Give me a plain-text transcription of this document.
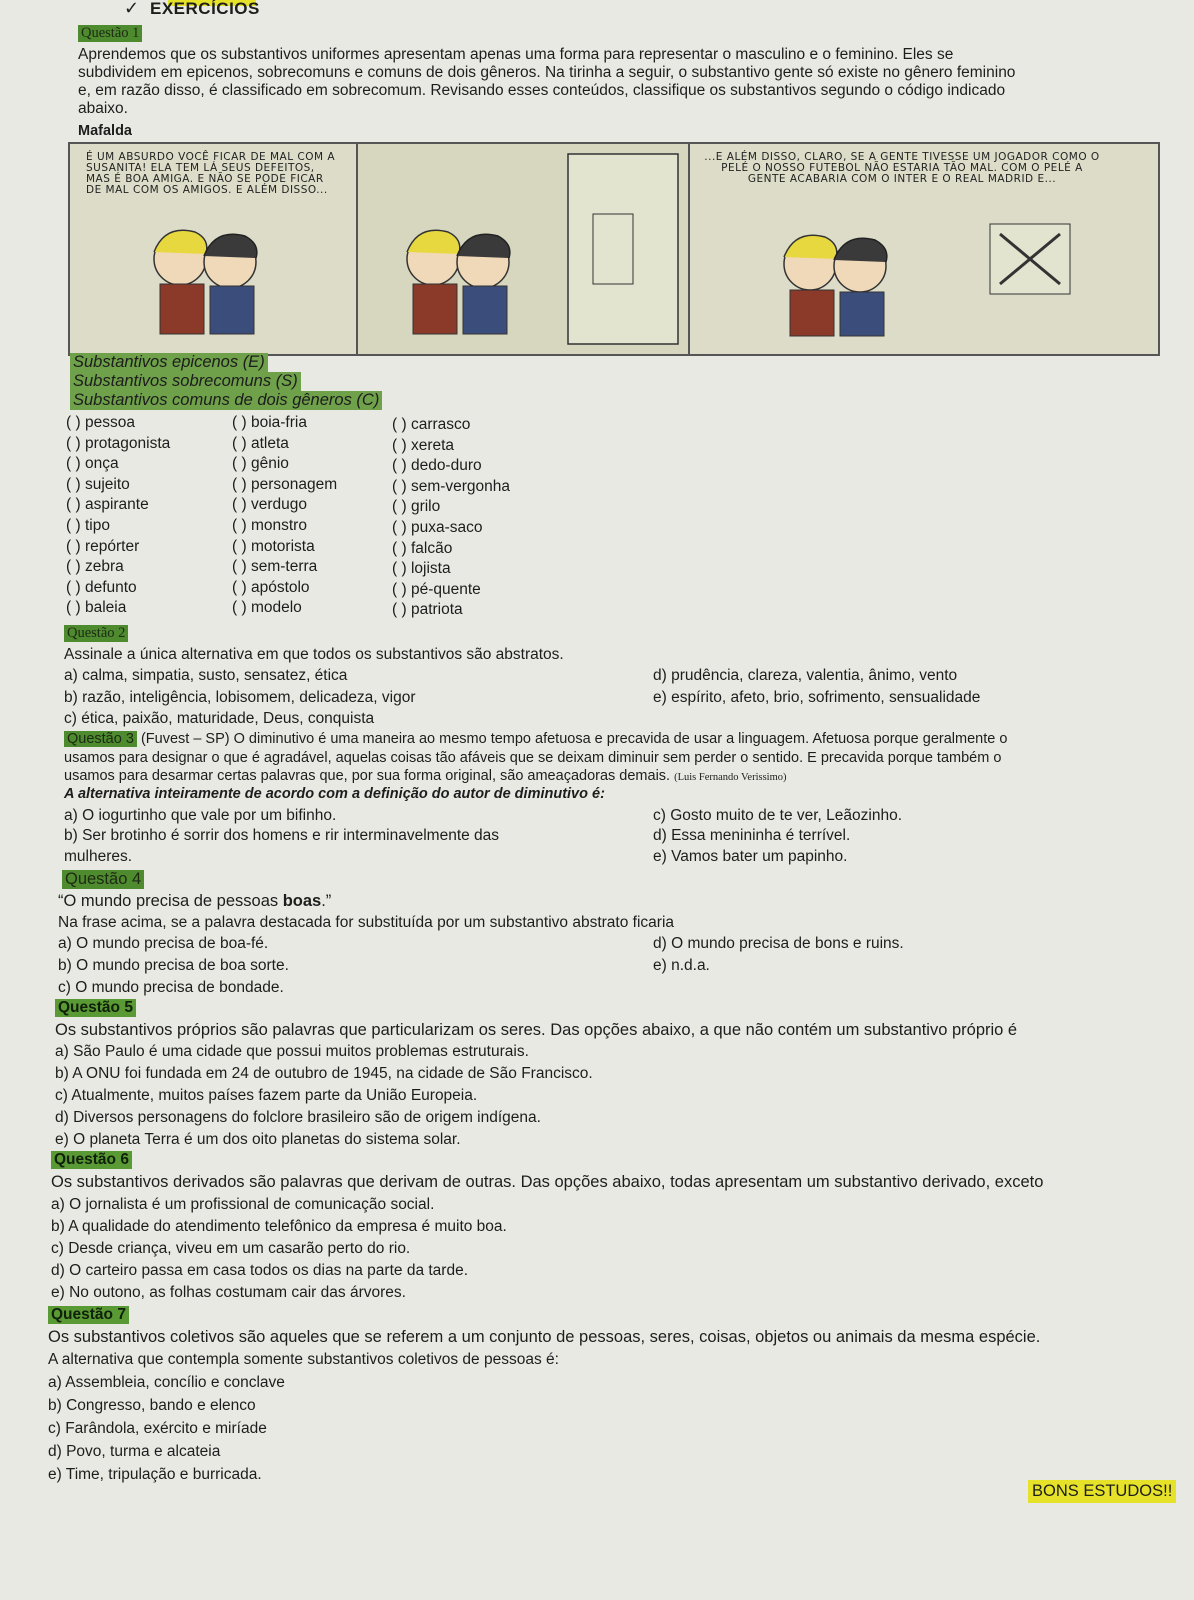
✓ EXERCÍCIOS
Questão 1
Aprendemos que os substantivos uniformes apresentam apenas uma forma para representar o masculino e o feminino. Eles se
subdividem em epicenos, sobrecomuns e comuns de dois gêneros. Na tirinha a seguir, o substantivo gente só existe no gênero feminino
e, em razão disso, é classificado em sobrecomum. Revisando esses conteúdos, classifique os substantivos segundo o código indicado
abaixo.
Mafalda
É UM ABSURDO VOCÊ FICAR DE MAL COM A SUSANITA! ELA TEM LÁ SEUS DEFEITOS, MAS É BOA AMIGA. E NÃO SE PODE FICAR DE MAL COM OS AMIGOS. E ALÉM DISSO...
...E ALÉM DISSO, CLARO, SE A GENTE TIVESSE UM JOGADOR COMO O PELÉ O NOSSO FUTEBOL NÃO ESTARIA TÃO MAL. COM O PELÉ A GENTE ACABARIA COM O INTER E O REAL MADRID E...
Substantivos epicenos (E)
Substantivos sobrecomuns (S)
Substantivos comuns de dois gêneros (C)
( ) pessoa
( ) protagonista
( ) onça
( ) sujeito
( ) aspirante
( ) tipo
( ) repórter
( ) zebra
( ) defunto
( ) baleia
( ) boia-fria
( ) atleta
( ) gênio
( ) personagem
( ) verdugo
( ) monstro
( ) motorista
( ) sem-terra
( ) apóstolo
( ) modelo
( ) carrasco
( ) xereta
( ) dedo-duro
( ) sem-vergonha
( ) grilo
( ) puxa-saco
( ) falcão
( ) lojista
( ) pé-quente
( ) patriota
Questão 2
Assinale a única alternativa em que todos os substantivos são abstratos.
a) calma, simpatia, susto, sensatez, ética
b) razão, inteligência, lobisomem, delicadeza, vigor
c) ética, paixão, maturidade, Deus, conquista
d) prudência, clareza, valentia, ânimo, vento
e) espírito, afeto, brio, sofrimento, sensualidade
Questão 3 (Fuvest – SP) O diminutivo é uma maneira ao mesmo tempo afetuosa e precavida de usar a linguagem. Afetuosa porque geralmente o
usamos para designar o que é agradável, aquelas coisas tão afáveis que se deixam diminuir sem perder o sentido. E precavida porque também o
usamos para desarmar certas palavras que, por sua forma original, são ameaçadoras demais. (Luis Fernando Verissimo)
A alternativa inteiramente de acordo com a definição do autor de diminutivo é:
a) O iogurtinho que vale por um bifinho.
b) Ser brotinho é sorrir dos homens e rir interminavelmente das
mulheres.
c) Gosto muito de te ver, Leãozinho.
d) Essa menininha é terrível.
e) Vamos bater um papinho.
Questão 4
“O mundo precisa de pessoas boas.”
Na frase acima, se a palavra destacada for substituída por um substantivo abstrato ficaria
a) O mundo precisa de boa-fé.
b) O mundo precisa de boa sorte.
c) O mundo precisa de bondade.
d) O mundo precisa de bons e ruins.
e) n.d.a.
Questão 5
Os substantivos próprios são palavras que particularizam os seres. Das opções abaixo, a que não contém um substantivo próprio é
a) São Paulo é uma cidade que possui muitos problemas estruturais.
b) A ONU foi fundada em 24 de outubro de 1945, na cidade de São Francisco.
c) Atualmente, muitos países fazem parte da União Europeia.
d) Diversos personagens do folclore brasileiro são de origem indígena.
e) O planeta Terra é um dos oito planetas do sistema solar.
Questão 6
Os substantivos derivados são palavras que derivam de outras. Das opções abaixo, todas apresentam um substantivo derivado, exceto
a) O jornalista é um profissional de comunicação social.
b) A qualidade do atendimento telefônico da empresa é muito boa.
c) Desde criança, viveu em um casarão perto do rio.
d) O carteiro passa em casa todos os dias na parte da tarde.
e) No outono, as folhas costumam cair das árvores.
Questão 7
Os substantivos coletivos são aqueles que se referem a um conjunto de pessoas, seres, coisas, objetos ou animais da mesma espécie.
A alternativa que contempla somente substantivos coletivos de pessoas é:
a) Assembleia, concílio e conclave
b) Congresso, bando e elenco
c) Farândola, exército e miríade
d) Povo, turma e alcateia
e) Time, tripulação e burricada.
BONS ESTUDOS!!
